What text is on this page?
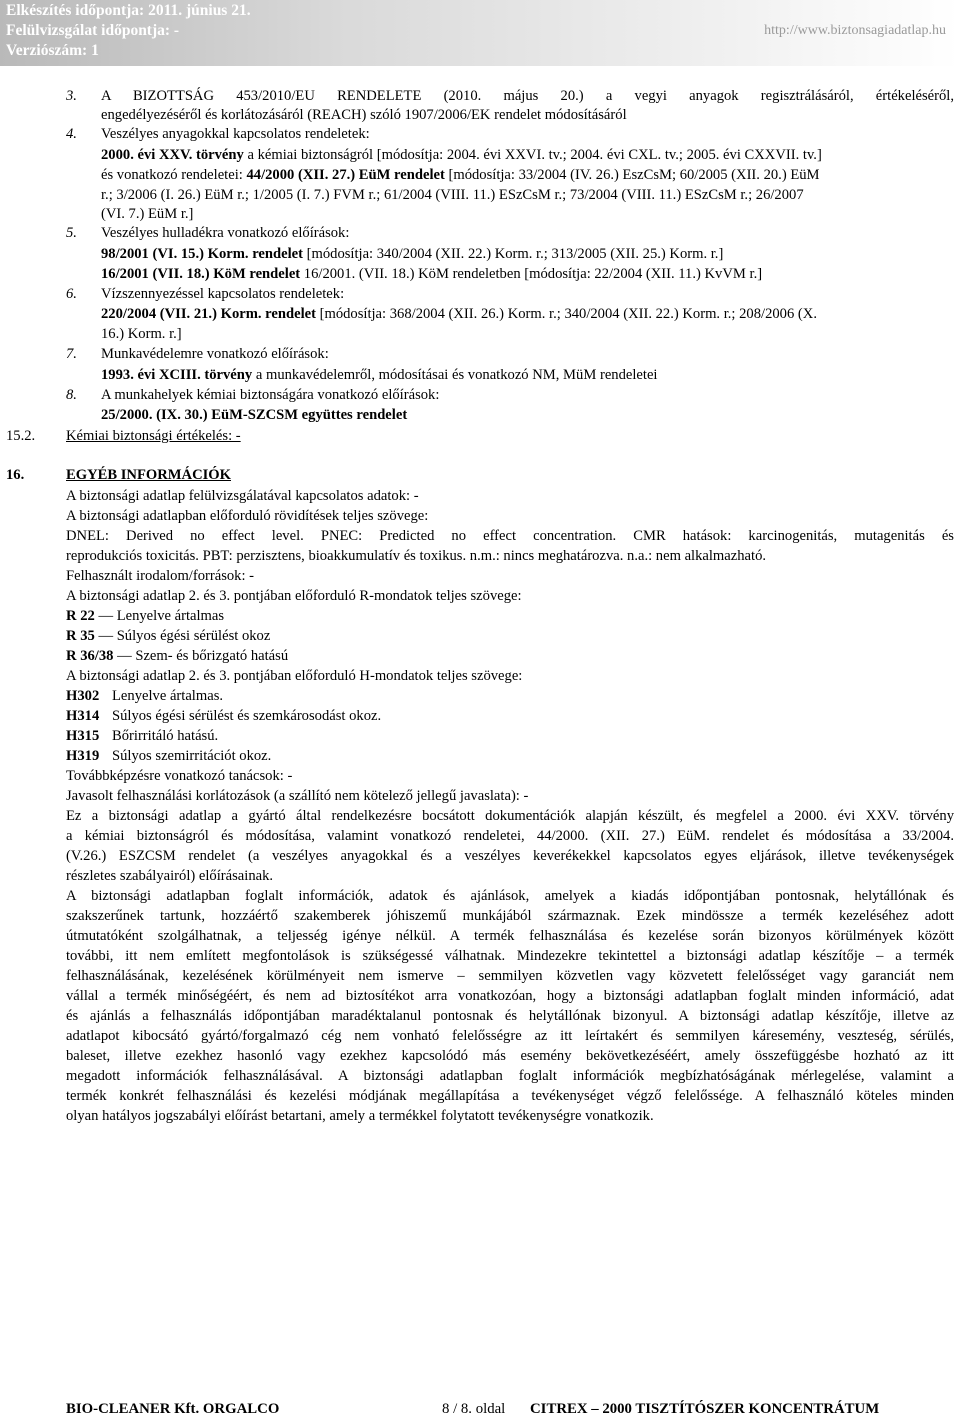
Elkészítés időpontja: 2011. június 21.
Felülvizsgálat időpontja: -
Verziószám: 1
http://www.biztonsagiadatlap.hu
3. A BIZOTTSÁG 453/2010/EU RENDELETE (2010. május 20.) a vegyi anyagok regisztrálásáról, értékeléséről,
engedélyezéséről és korlátozásáról (REACH) szóló 1907/2006/EK rendelet módosításáról
4. Veszélyes anyagokkal kapcsolatos rendeletek:
2000. évi XXV. törvény a kémiai biztonságról [módosítja: 2004. évi XXVI. tv.; 2004. évi CXL. tv.; 2005. évi CXXVII. tv.]
és vonatkozó rendeletei: 44/2000 (XII. 27.) EüM rendelet [módosítja: 33/2004 (IV. 26.) EszCsM; 60/2005 (XII. 20.) EüM
r.; 3/2006 (I. 26.) EüM r.; 1/2005 (I. 7.) FVM r.; 61/2004 (VIII. 11.) ESzCsM r.; 73/2004 (VIII. 11.) ESzCsM r.; 26/2007
(VI. 7.) EüM r.]
5. Veszélyes hulladékra vonatkozó előírások:
98/2001 (VI. 15.) Korm. rendelet [módosítja: 340/2004 (XII. 22.) Korm. r.; 313/2005 (XII. 25.) Korm. r.]
16/2001 (VII. 18.) KöM rendelet 16/2001. (VII. 18.) KöM rendeletben [módosítja: 22/2004 (XII. 11.) KvVM r.]
6. Vízszennyezéssel kapcsolatos rendeletek:
220/2004 (VII. 21.) Korm. rendelet [módosítja: 368/2004 (XII. 26.) Korm. r.; 340/2004 (XII. 22.) Korm. r.; 208/2006 (X.
16.) Korm. r.]
7. Munkavédelemre vonatkozó előírások:
1993. évi XCIII. törvény a munkavédelemről, módosításai és vonatkozó NM, MüM rendeletei
8. A munkahelyek kémiai biztonságára vonatkozó előírások:
25/2000. (IX. 30.) EüM-SZCSM együttes rendelet
15.2. Kémiai biztonsági értékelés: -
16.	EGYÉB INFORMÁCIÓK
A biztonsági adatlap felülvizsgálatával kapcsolatos adatok: -
A biztonsági adatlapban előforduló rövidítések teljes szövege:
DNEL: Derived no effect level. PNEC: Predicted no effect concentration. CMR hatások: karcinogenitás, mutagenitás és
reprodukciós toxicitás. PBT: perzisztens, bioakkumulatív és toxikus. n.m.: nincs meghatározva. n.a.: nem alkalmazható.
Felhasznált irodalom/források: -
A biztonsági adatlap 2. és 3. pontjában előforduló R-mondatok teljes szövege:
R 22 — Lenyelve ártalmas
R 35 — Súlyos égési sérülést okoz
R 36/38 — Szem- és bőrizgató hatású
A biztonsági adatlap 2. és 3. pontjában előforduló H-mondatok teljes szövege:
H302 Lenyelve ártalmas.
H314 Súlyos égési sérülést és szemkárosodást okoz.
H315 Bőrirritáló hatású.
H319 Súlyos szemirritációt okoz.
Továbbképzésre vonatkozó tanácsok: -
Javasolt felhasználási korlátozások (a szállító nem kötelező jellegű javaslata): -
Ez a biztonsági adatlap a gyártó által rendelkezésre bocsátott dokumentációk alapján készült, és megfelel a 2000. évi XXV. törvény
a kémiai biztonságról és módosítása, valamint vonatkozó rendeletei, 44/2000. (XII. 27.) EüM. rendelet és módosítása a 33/2004.
(V.26.) ESZCSM rendelet (a veszélyes anyagokkal és a veszélyes keverékekkel kapcsolatos egyes eljárások, illetve tevékenységek
részletes szabályairól) előírásainak.
A biztonsági adatlapban foglalt információk, adatok és ajánlások, amelyek a kiadás időpontjában pontosnak, helytállónak és
szakszerűnek tartunk, hozzáértő szakemberek jóhiszemű munkájából származnak. Ezek mindössze a termék kezeléséhez adott
útmutatóként szolgálhatnak, a teljesség igénye nélkül. A termék felhasználása és kezelése során bizonyos körülmények között
további, itt nem említett megfontolások is szükségessé válhatnak. Mindezekre tekintettel a biztonsági adatlap készítője – a termék
felhasználásának, kezelésének körülményeit nem ismerve – semmilyen közvetlen vagy közvetett felelősséget vagy garanciát nem
vállal a termék minőségéért, és nem ad biztosítékot arra vonatkozóan, hogy a biztonsági adatlapban foglalt minden információ, adat
és ajánlás a felhasználás időpontjában maradéktalanul pontosnak és helytállónak bizonyul. A biztonsági adatlap készítője, illetve az
adatlapot kibocsátó gyártó/forgalmazó cég nem vonható felelősségre az itt leírtakért és semmilyen káresemény, veszteség, sérülés,
baleset, illetve ezekhez hasonló vagy ezekhez kapcsolódó más esemény bekövetkezéséért, amely összefüggésbe hozható az itt
megadott információk felhasználásával. A biztonsági adatlapban foglalt információk megbízhatóságának mérlegelése, valamint a
termék konkrét felhasználási és kezelési módjának megállapítása a tevékenységet végző felelőssége. A felhasználó köteles minden
olyan hatályos jogszabályi előírást betartani, amely a termékkel folytatott tevékenységre vonatkozik.
BIO-CLEANER Kft. ORGALCO	8 / 8. oldal CITREX – 2000 TISZTÍTÓSZER KONCENTRÁTUM
